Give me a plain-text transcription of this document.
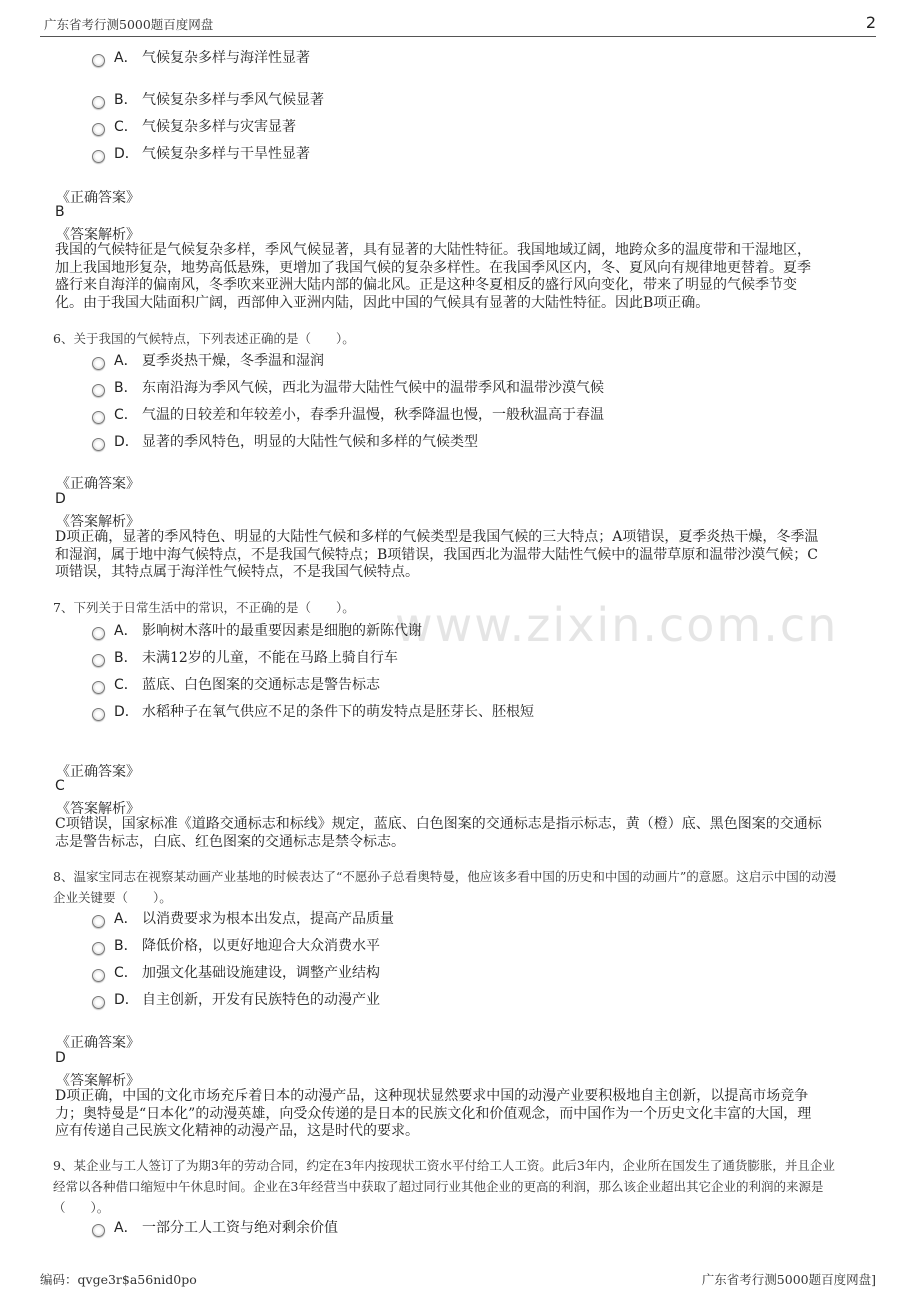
广东省考行测5000题百度网盘	2
www.zixin.com.cn
A． 气候复杂多样与海洋性显著
B． 气候复杂多样与季风气候显著
C． 气候复杂多样与灾害显著
D． 气候复杂多样与干旱性显著
《正确答案》
B
《答案解析》
我国的气候特征是气候复杂多样，季风气候显著，具有显著的大陆性特征。我国地域辽阔，地跨众多的温度带和干湿地区，
加上我国地形复杂，地势高低悬殊，更增加了我国气候的复杂多样性。在我国季风区内，冬、夏风向有规律地更替着。夏季
盛行来自海洋的偏南风，冬季吹来亚洲大陆内部的偏北风。正是这种冬夏相反的盛行风向变化，带来了明显的气候季节变
化。由于我国大陆面积广阔，西部伸入亚洲内陆，因此中国的气候具有显著的大陆性特征。因此B项正确。
6、关于我国的气候特点，下列表述正确的是（　　）。
A． 夏季炎热干燥，冬季温和湿润
B． 东南沿海为季风气候，西北为温带大陆性气候中的温带季风和温带沙漠气候
C． 气温的日较差和年较差小，春季升温慢，秋季降温也慢，一般秋温高于春温
D． 显著的季风特色，明显的大陆性气候和多样的气候类型
《正确答案》
D
《答案解析》
D项正确，显著的季风特色、明显的大陆性气候和多样的气候类型是我国气候的三大特点；A项错误，夏季炎热干燥，冬季温
和湿润，属于地中海气候特点，不是我国气候特点；B项错误，我国西北为温带大陆性气候中的温带草原和温带沙漠气候；C
项错误，其特点属于海洋性气候特点，不是我国气候特点。
7、下列关于日常生活中的常识，不正确的是（　　）。
A． 影响树木落叶的最重要因素是细胞的新陈代谢
B． 未满12岁的儿童，不能在马路上骑自行车
C． 蓝底、白色图案的交通标志是警告标志
D． 水稻种子在氧气供应不足的条件下的萌发特点是胚芽长、胚根短
《正确答案》
C
《答案解析》
C项错误，国家标准《道路交通标志和标线》规定，蓝底、白色图案的交通标志是指示标志，黄（橙）底、黑色图案的交通标
志是警告标志，白底、红色图案的交通标志是禁令标志。
8、温家宝同志在视察某动画产业基地的时候表达了“不愿孙子总看奥特曼，他应该多看中国的历史和中国的动画片”的意愿。这启示中国的动漫
企业关键要（　　）。
A． 以消费要求为根本出发点，提高产品质量
B． 降低价格，以更好地迎合大众消费水平
C． 加强文化基础设施建设，调整产业结构
D． 自主创新，开发有民族特色的动漫产业
《正确答案》
D
《答案解析》
D项正确，中国的文化市场充斥着日本的动漫产品，这种现状显然要求中国的动漫产业要积极地自主创新，以提高市场竞争
力；奥特曼是“日本化”的动漫英雄，向受众传递的是日本的民族文化和价值观念，而中国作为一个历史文化丰富的大国，理
应有传递自己民族文化精神的动漫产品，这是时代的要求。
9、某企业与工人签订了为期3年的劳动合同，约定在3年内按现状工资水平付给工人工资。此后3年内，企业所在国发生了通货膨胀，并且企业
经常以各种借口缩短中午休息时间。企业在3年经营当中获取了超过同行业其他企业的更高的利润，那么该企业超出其它企业的利润的来源是
（　　）。
A． 一部分工人工资与绝对剩余价值
编码：qvge3r$a56nid0po	广东省考行测5000题百度网盘]
